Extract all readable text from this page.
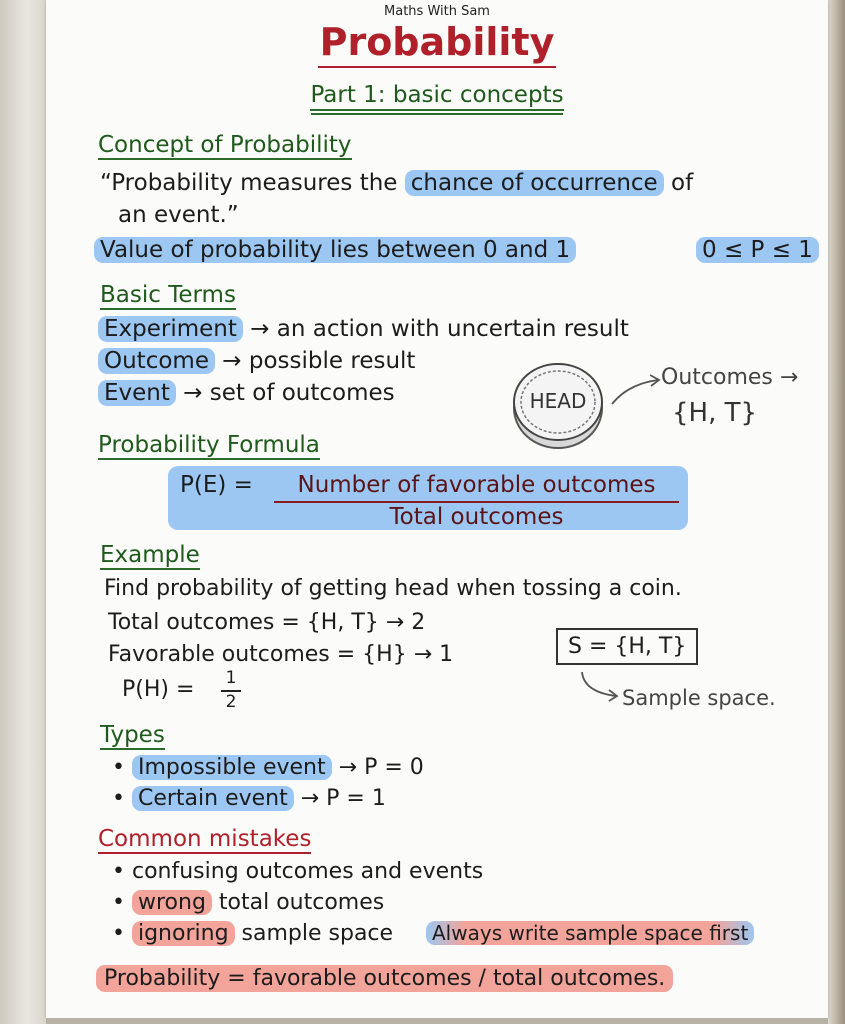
Maths With Sam
Probability
Part 1: basic concepts
Concept of Probability
“Probability measures the chance of occurrence of
an event.”
Value of probability lies between 0 and 1	0 ≤ P ≤ 1
Basic Terms
Experiment → an action with uncertain result
Outcome → possible result
Event → set of outcomes	HEAD
Outcomes →
{H, T}
Probability Formula
P(E) =	Number of favorable outcomes
Total outcomes
Example
Find probability of getting head when tossing a coin.
Total outcomes = {H, T} → 2
Favorable outcomes = {H} → 1
P(H) =	1
2
S = {H, T}
Sample space.
Types
• Impossible event → P = 0
• Certain event → P = 1
Common mistakes
• confusing outcomes and events
• wrong total outcomes
• ignoring sample space	Always write sample space first
Probability = favorable outcomes / total outcomes.
